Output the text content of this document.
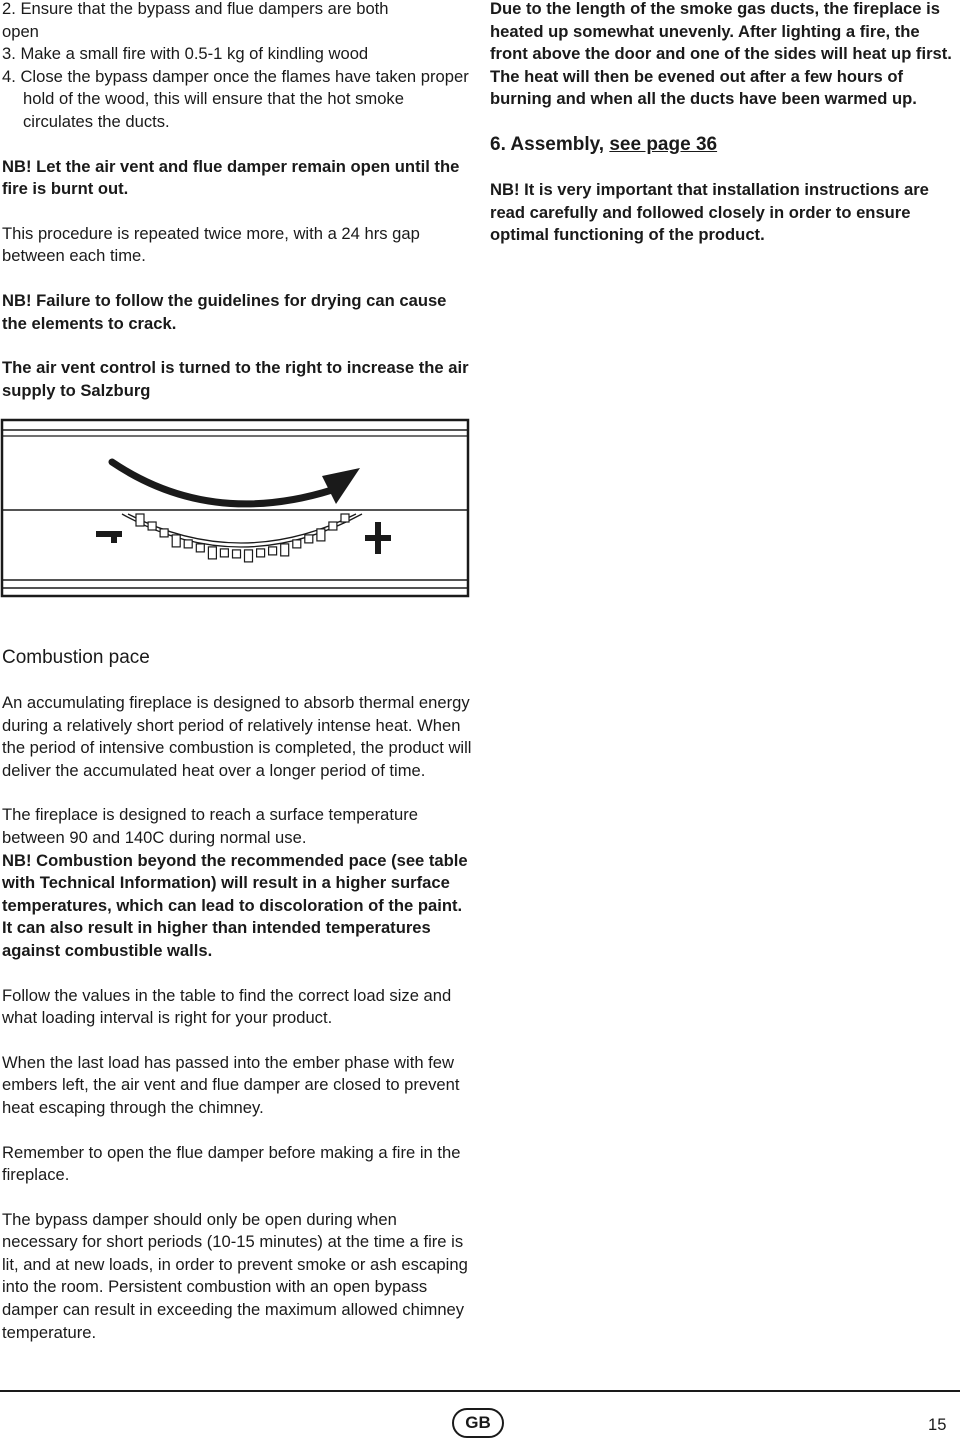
2. Ensure that the bypass and flue dampers are both

open

3. Make a small fire with 0.5-1 kg of kindling wood

4. Close the bypass damper once the flames have taken proper hold of the wood, this will ensure that the hot smoke circulates the ducts.

NB! Let the air vent and flue damper remain open until the fire is burnt out.

This procedure is repeated twice more, with a 24 hrs gap between each time.

NB! Failure to follow the guidelines for drying can cause the elements to crack.

The air vent control is turned to the right to increase the air supply to Salzburg

Due to the length of the smoke gas ducts, the fireplace is heated up somewhat unevenly. After lighting a fire, the front above the door and one of the sides will heat up first. The heat will then be evened out after a few hours of burning and when all the ducts have been warmed up.

6. Assembly, see page 36

NB! It is very important that installation instructions are read carefully and followed closely in order to ensure optimal functioning of the product.

Combustion pace

An accumulating fireplace is designed to absorb thermal energy during a relatively short period of relatively intense heat. When the period of intensive combustion is completed, the product will deliver the accumulated heat over a longer period of time.

The fireplace is designed to reach a surface temperature between 90 and 140C during normal use.

NB! Combustion beyond the recommended pace (see table with Technical Information) will result in a higher surface temperatures, which can lead to discoloration of the paint. It can also result in higher than intended temperatures against combustible walls.

Follow the values in the table to find the correct load size and what loading interval is right for your product.

When the last load has passed into the ember phase with few embers left, the air vent and flue damper are closed to prevent heat escaping through the chimney.

Remember to open the flue damper before making a fire in the fireplace.

The bypass damper should only be open during when necessary for short periods (10-15 minutes) at the time a fire is lit, and at new loads, in order to prevent smoke or ash escaping into the room. Persistent combustion with an open bypass damper can result in exceeding the maximum allowed chimney temperature.

GB	15
